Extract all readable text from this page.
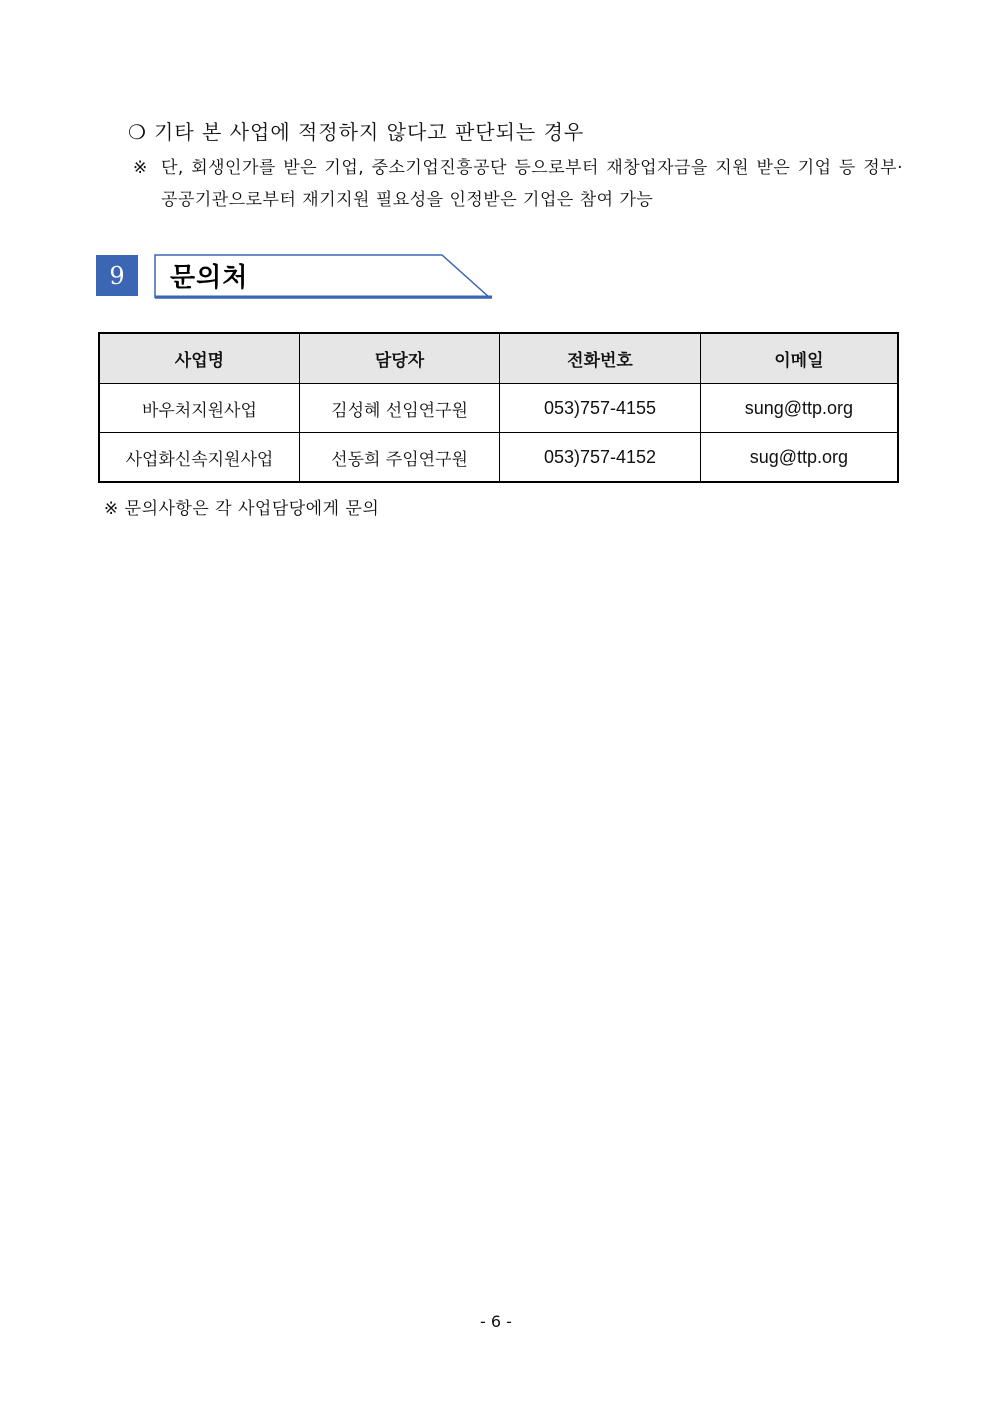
❍ 기타 본 사업에 적정하지 않다고 판단되는 경우
※ 단, 회생인가를 받은 기업, 중소기업진흥공단 등으로부터 재창업자금을 지원 받은 기업 등 정부·공공기관으로부터 재기지원 필요성을 인정받은 기업은 참여 가능
9	문의처
사업명	담당자	전화번호	이메일
바우처지원사업	김성혜 선임연구원	053)757-4155	sung@ttp.org
사업화신속지원사업	선동희 주임연구원	053)757-4152	sug@ttp.org
※ 문의사항은 각 사업담당에게 문의
- 6 -
